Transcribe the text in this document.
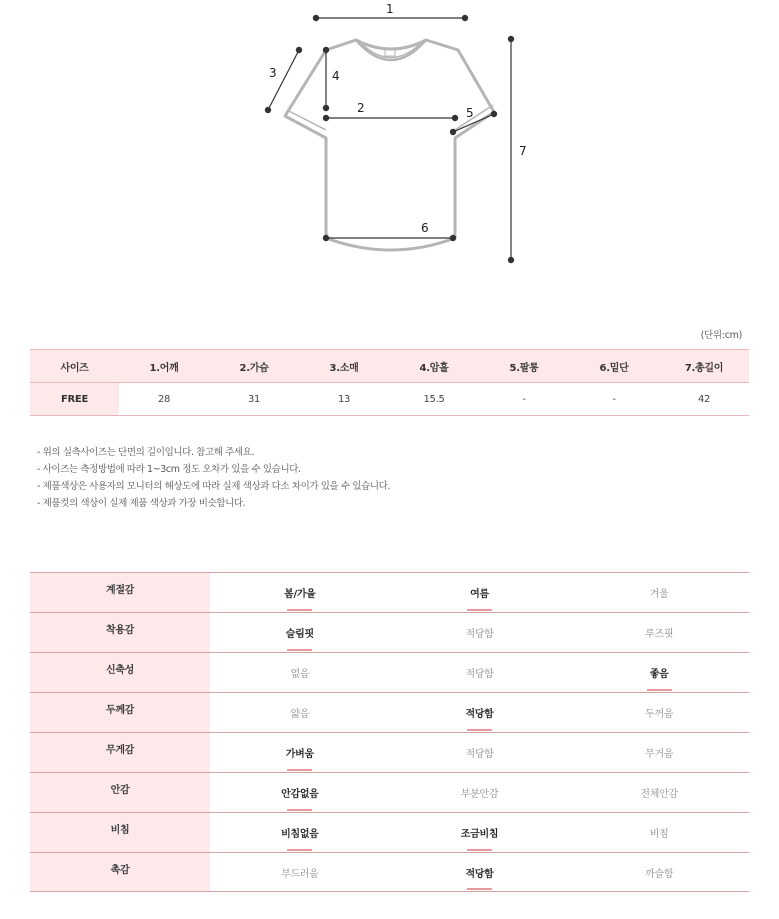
1
2
3	4
5
6
7
(단위:cm)
사이즈	1.어깨	2.가슴	3.소매	4.암홀	5.팔통	6.밑단	7.총길이
FREE	28	31	13	15.5	-	-	42
- 위의 실측사이즈는 단면의 길이입니다. 참고해 주세요.
- 사이즈는 측정방법에 따라 1~3cm 정도 오차가 있을 수 있습니다.
- 제품색상은 사용자의 모니터의 해상도에 따라 실제 색상과 다소 차이가 있을 수 있습니다.
- 제품컷의 색상이 실제 제품 색상과 가장 비슷합니다.
계절감	봄/가을	여름	겨울
착용감	슬림핏	적당함	루즈핏
신축성	없음	적당함	좋음
두께감	얇음	적당함	두꺼움
무게감	가벼움	적당함	무거움
안감	안감없음	부분안감	전체안감
비침	비침없음	조금비침	비침
촉감	부드러움	적당함	까슬함
